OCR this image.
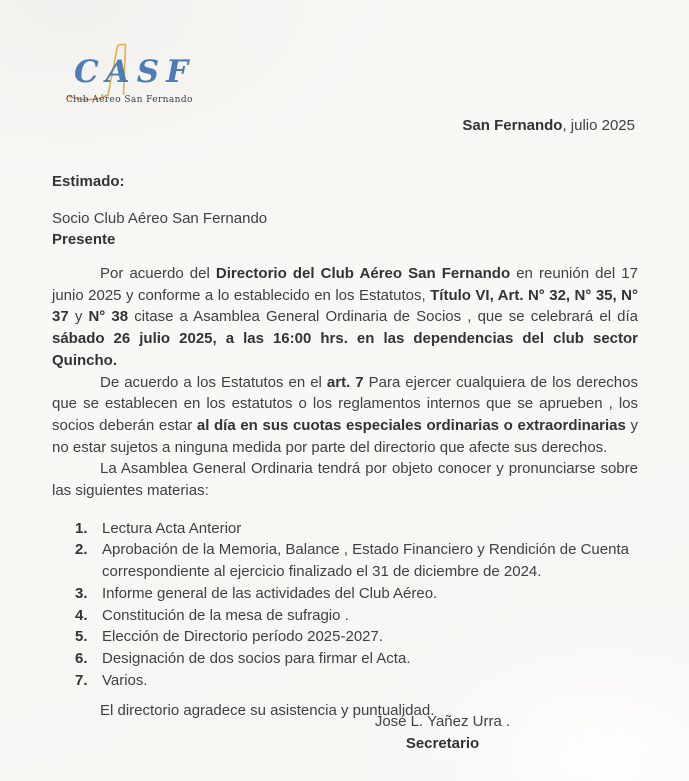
CASF
Club Aéreo San Fernando
San Fernando, julio 2025
Estimado:
Socio Club Aéreo San Fernando
Presente

Por acuerdo del Directorio del Club Aéreo San Fernando en reunión del 17 junio 2025 y conforme a lo establecido en los Estatutos, Título VI, Art. N° 32, N° 35, N° 37 y N° 38 citase a Asamblea General Ordinaria de Socios , que se celebrará el día sábado 26 julio 2025, a las 16:00 hrs. en las dependencias del club sector Quincho.

De acuerdo a los Estatutos en el art. 7 Para ejercer cualquiera de los derechos que se establecen en los estatutos o los reglamentos internos que se aprueben , los socios deberán estar al día en sus cuotas especiales ordinarias o extraordinarias y no estar sujetos a ninguna medida por parte del directorio que afecte sus derechos.

La Asamblea General Ordinaria tendrá por objeto conocer y pronunciarse sobre las siguientes materias:

1. Lectura Acta Anterior
2. Aprobación de la Memoria, Balance , Estado Financiero y Rendición de Cuenta correspondiente al ejercicio finalizado el 31 de diciembre de 2024.
3. Informe general de las actividades del Club Aéreo.
4. Constitución de la mesa de sufragio .
5. Elección de Directorio período 2025-2027.
6. Designación de dos socios para firmar el Acta.
7. Varios.

El directorio agradece su asistencia y puntualidad.

José L. Yañez Urra .
Secretario
